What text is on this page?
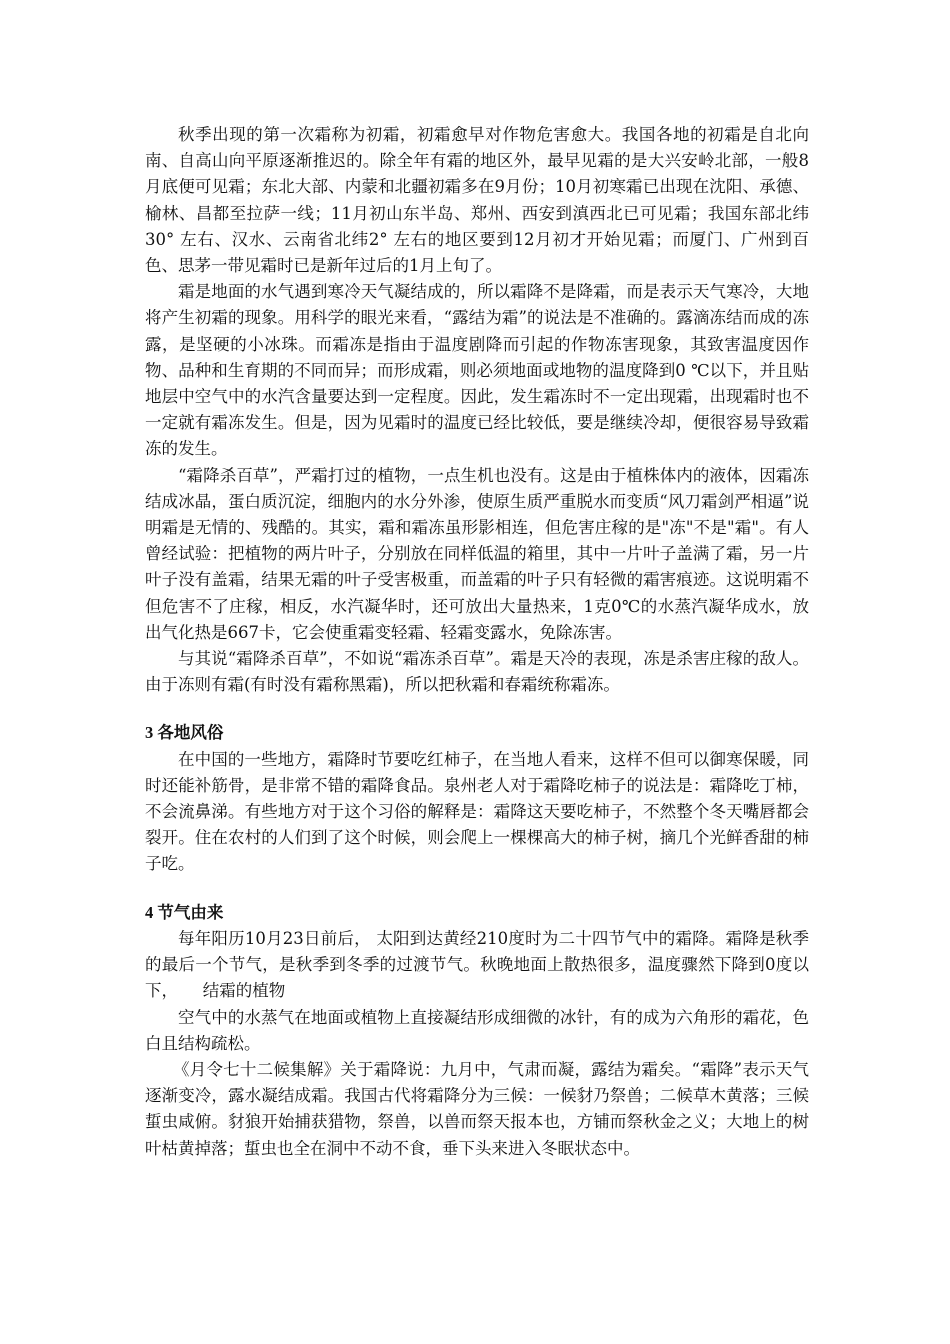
秋季出现的第一次霜称为初霜，初霜愈早对作物危害愈大。我国各地的初霜是自北向南、自高山向平原逐渐推迟的。除全年有霜的地区外，最早见霜的是大兴安岭北部，一般8月底便可见霜；东北大部、内蒙和北疆初霜多在9月份；10月初寒霜已出现在沈阳、承德、榆林、昌都至拉萨一线；11月初山东半岛、郑州、西安到滇西北已可见霜；我国东部北纬30° 左右、汉水、云南省北纬2° 左右的地区要到12月初才开始见霜；而厦门、广州到百色、思茅一带见霜时已是新年过后的1月上旬了。

霜是地面的水气遇到寒冷天气凝结成的，所以霜降不是降霜，而是表示天气寒冷，大地将产生初霜的现象。用科学的眼光来看，“露结为霜”的说法是不准确的。露滴冻结而成的冻露，是坚硬的小冰珠。而霜冻是指由于温度剧降而引起的作物冻害现象，其致害温度因作物、品种和生育期的不同而异；而形成霜，则必须地面或地物的温度降到0 ℃以下，并且贴地层中空气中的水汽含量要达到一定程度。因此，发生霜冻时不一定出现霜，出现霜时也不一定就有霜冻发生。但是，因为见霜时的温度已经比较低，要是继续冷却，便很容易导致霜冻的发生。

“霜降杀百草”，严霜打过的植物，一点生机也没有。这是由于植株体内的液体，因霜冻结成冰晶，蛋白质沉淀，细胞内的水分外渗，使原生质严重脱水而变质“风刀霜剑严相逼”说明霜是无情的、残酷的。其实，霜和霜冻虽形影相连，但危害庄稼的是"冻"不是"霜"。有人曾经试验：把植物的两片叶子，分别放在同样低温的箱里，其中一片叶子盖满了霜，另一片叶子没有盖霜，结果无霜的叶子受害极重，而盖霜的叶子只有轻微的霜害痕迹。这说明霜不但危害不了庄稼，相反，水汽凝华时，还可放出大量热来，1克0℃的水蒸汽凝华成水，放出气化热是667卡，它会使重霜变轻霜、轻霜变露水，免除冻害。

与其说“霜降杀百草”，不如说“霜冻杀百草”。霜是天冷的表现，冻是杀害庄稼的敌人。由于冻则有霜(有时没有霜称黑霜)，所以把秋霜和春霜统称霜冻。

3 各地风俗

在中国的一些地方，霜降时节要吃红柿子，在当地人看来，这样不但可以御寒保暖，同时还能补筋骨，是非常不错的霜降食品。泉州老人对于霜降吃柿子的说法是：霜降吃丁柿，不会流鼻涕。有些地方对于这个习俗的解释是：霜降这天要吃柿子，不然整个冬天嘴唇都会裂开。住在农村的人们到了这个时候，则会爬上一棵棵高大的柿子树，摘几个光鲜香甜的柿子吃。

4 节气由来

每年阳历10月23日前后， 太阳到达黄经210度时为二十四节气中的霜降。霜降是秋季的最后一个节气，是秋季到冬季的过渡节气。秋晚地面上散热很多，温度骤然下降到0度以下，　　结霜的植物

空气中的水蒸气在地面或植物上直接凝结形成细微的冰针，有的成为六角形的霜花，色白且结构疏松。

《月令七十二候集解》关于霜降说：九月中，气肃而凝，露结为霜矣。“霜降”表示天气逐渐变冷，露水凝结成霜。我国古代将霜降分为三候：一候豺乃祭兽；二候草木黄落；三候蜇虫咸俯。豺狼开始捕获猎物，祭兽，以兽而祭天报本也，方铺而祭秋金之义；大地上的树叶枯黄掉落；蜇虫也全在洞中不动不食，垂下头来进入冬眠状态中。
